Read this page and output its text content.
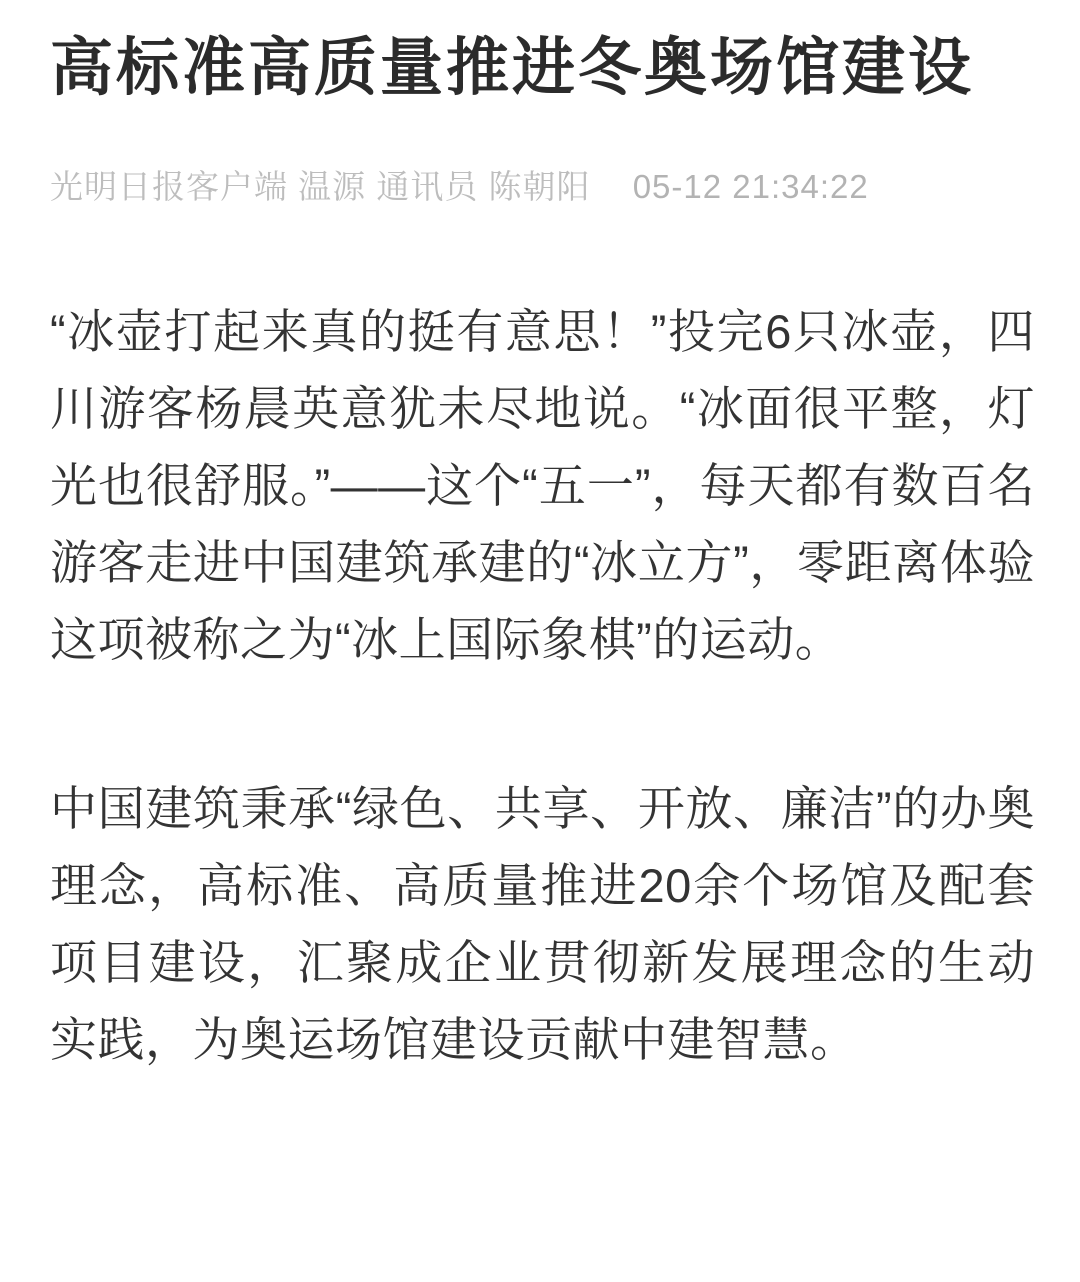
高标准高质量推进冬奥场馆建设
光明日报客户端 温源 通讯员 陈朝阳 05-12 21:34:22

“冰壶打起来真的挺有意思！”投完6只冰壶，四川游客杨晨英意犹未尽地说。“冰面很平整，灯光也很舒服。”——这个“五一”，每天都有数百名游客走进中国建筑承建的“冰立方”，零距离体验这项被称之为“冰上国际象棋”的运动。

中国建筑秉承“绿色、共享、开放、廉洁”的办奥理念，高标准、高质量推进20余个场馆及配套项目建设，汇聚成企业贯彻新发展理念的生动实践，为奥运场馆建设贡献中建智慧。
